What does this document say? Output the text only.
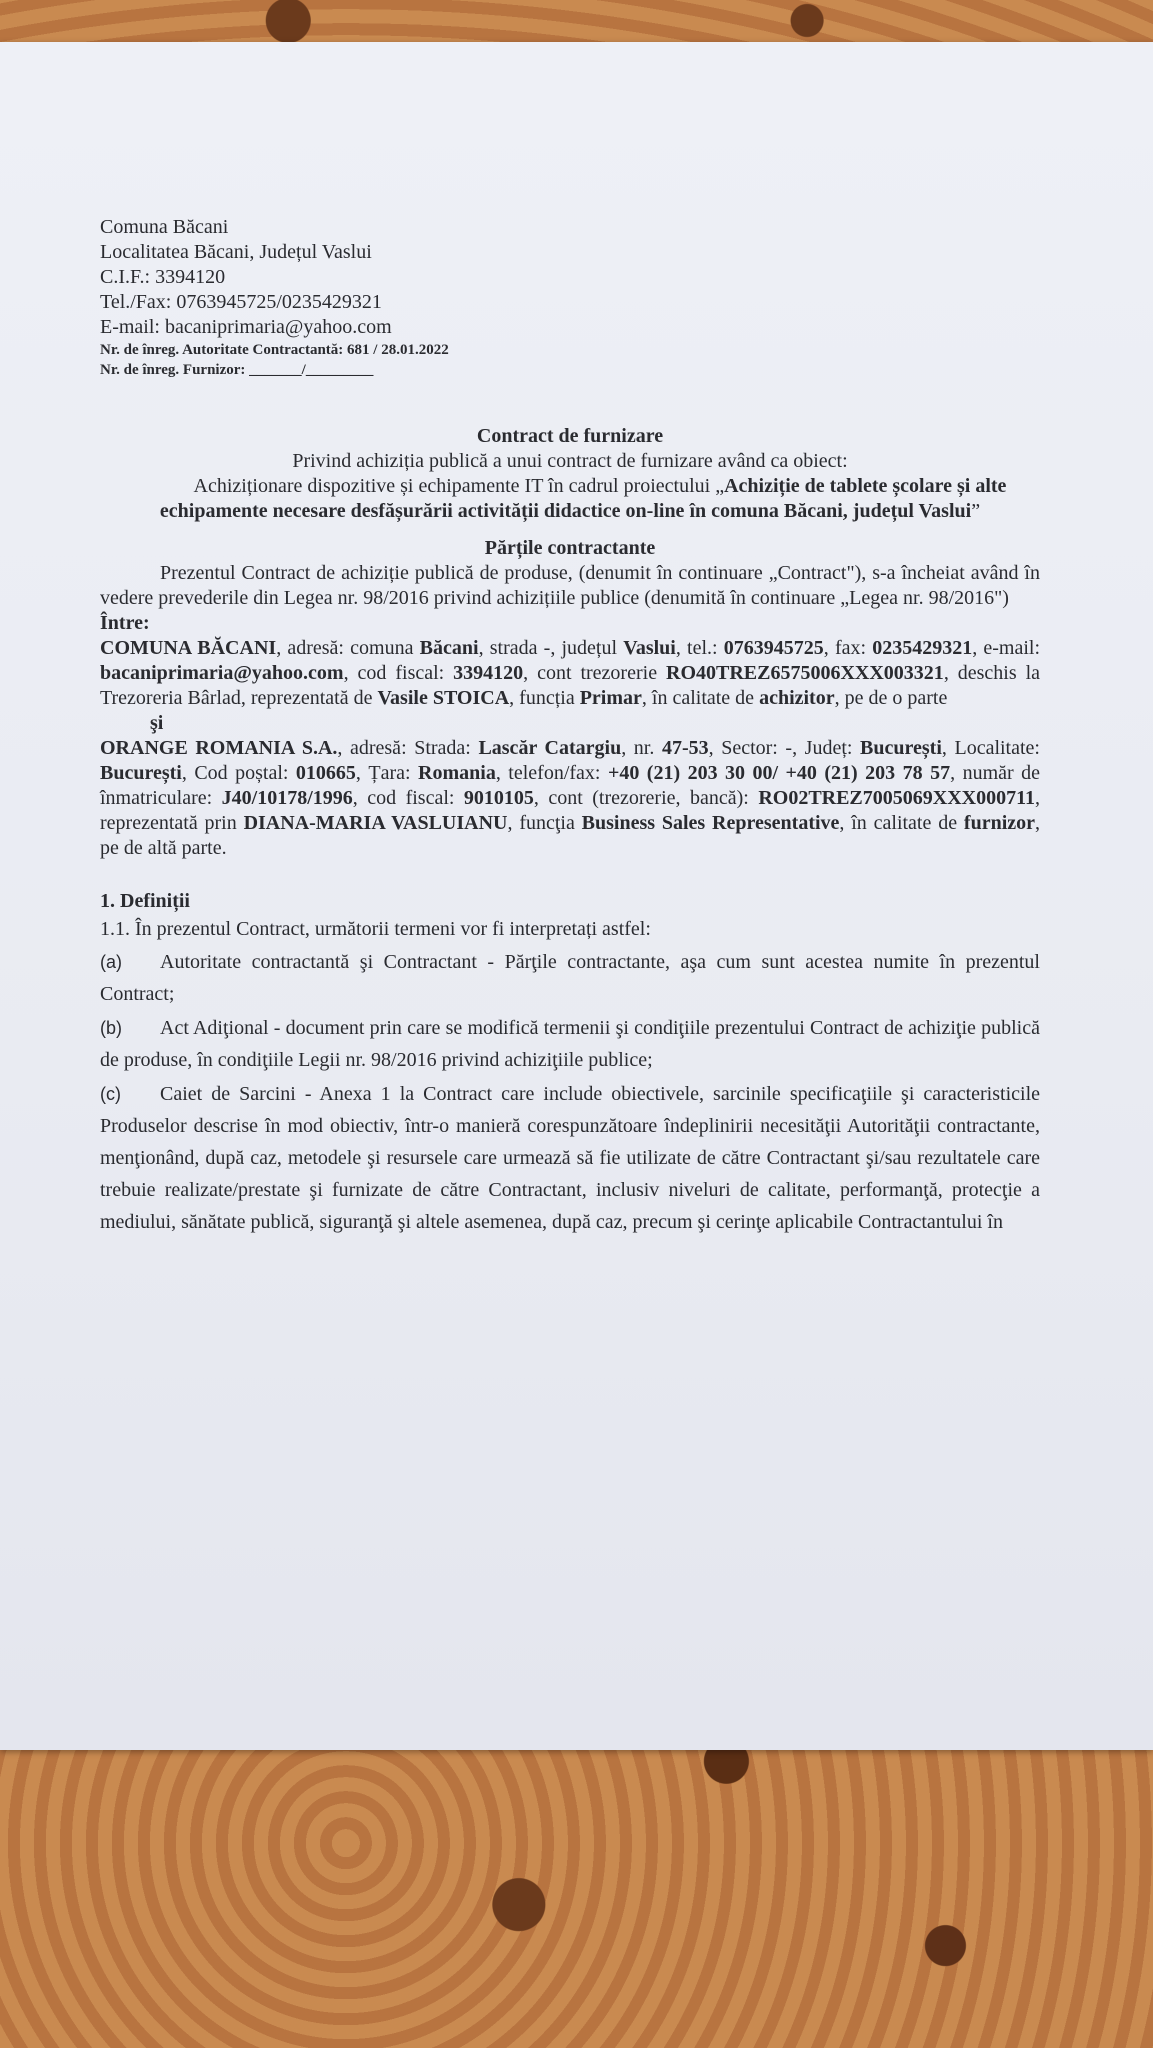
Comuna Băcani

Localitatea Băcani, Județul Vaslui

C.I.F.: 3394120

Tel./Fax: 0763945725/0235429321

E-mail: bacaniprimaria@yahoo.com

Nr. de înreg. Autoritate Contractantă: 681 / 28.01.2022

Nr. de înreg. Furnizor: _______/_________

Contract de furnizare

Privind achiziția publică a unui contract de furnizare având ca obiect:

Achiziționare dispozitive și echipamente IT în cadrul proiectului „Achiziție de tablete școlare și alte echipamente necesare desfășurării activității didactice on-line în comuna Băcani, județul Vaslui”

Părțile contractante

Prezentul Contract de achiziție publică de produse, (denumit în continuare „Contract"), s-a încheiat având în vedere prevederile din Legea nr. 98/2016 privind achizițiile publice (denumită în continuare „Legea nr. 98/2016")

Între:

COMUNA BĂCANI, adresă: comuna Băcani, strada -, județul Vaslui, tel.: 0763945725, fax: 0235429321, e-mail: bacaniprimaria@yahoo.com, cod fiscal: 3394120, cont trezorerie RO40TREZ6575006XXX003321, deschis la Trezoreria Bârlad, reprezentată de Vasile STOICA, funcția Primar, în calitate de achizitor, pe de o parte

şi

ORANGE ROMANIA S.A., adresă: Strada: Lascăr Catargiu, nr. 47-53, Sector: -, Județ: București, Localitate: București, Cod poștal: 010665, Țara: Romania, telefon/fax: +40 (21) 203 30 00/ +40 (21) 203 78 57, număr de înmatriculare: J40/10178/1996, cod fiscal: 9010105, cont (trezorerie, bancă): RO02TREZ7005069XXX000711, reprezentată prin DIANA-MARIA VASLUIANU, funcţia Business Sales Representative, în calitate de furnizor, pe de altă parte.

1. Definiții

1.1. În prezentul Contract, următorii termeni vor fi interpretați astfel:

(a) Autoritate contractantă şi Contractant - Părţile contractante, aşa cum sunt acestea numite în prezentul Contract;

(b) Act Adiţional - document prin care se modifică termenii şi condiţiile prezentului Contract de achiziţie publică de produse, în condiţiile Legii nr. 98/2016 privind achiziţiile publice;

(c) Caiet de Sarcini - Anexa 1 la Contract care include obiectivele, sarcinile specificaţiile şi caracteristicile Produselor descrise în mod obiectiv, într-o manieră corespunzătoare îndeplinirii necesităţii Autorităţii contractante, menţionând, după caz, metodele şi resursele care urmează să fie utilizate de către Contractant şi/sau rezultatele care trebuie realizate/prestate şi furnizate de către Contractant, inclusiv niveluri de calitate, performanţă, protecţie a mediului, sănătate publică, siguranţă şi altele asemenea, după caz, precum şi cerinţe aplicabile Contractantului în
